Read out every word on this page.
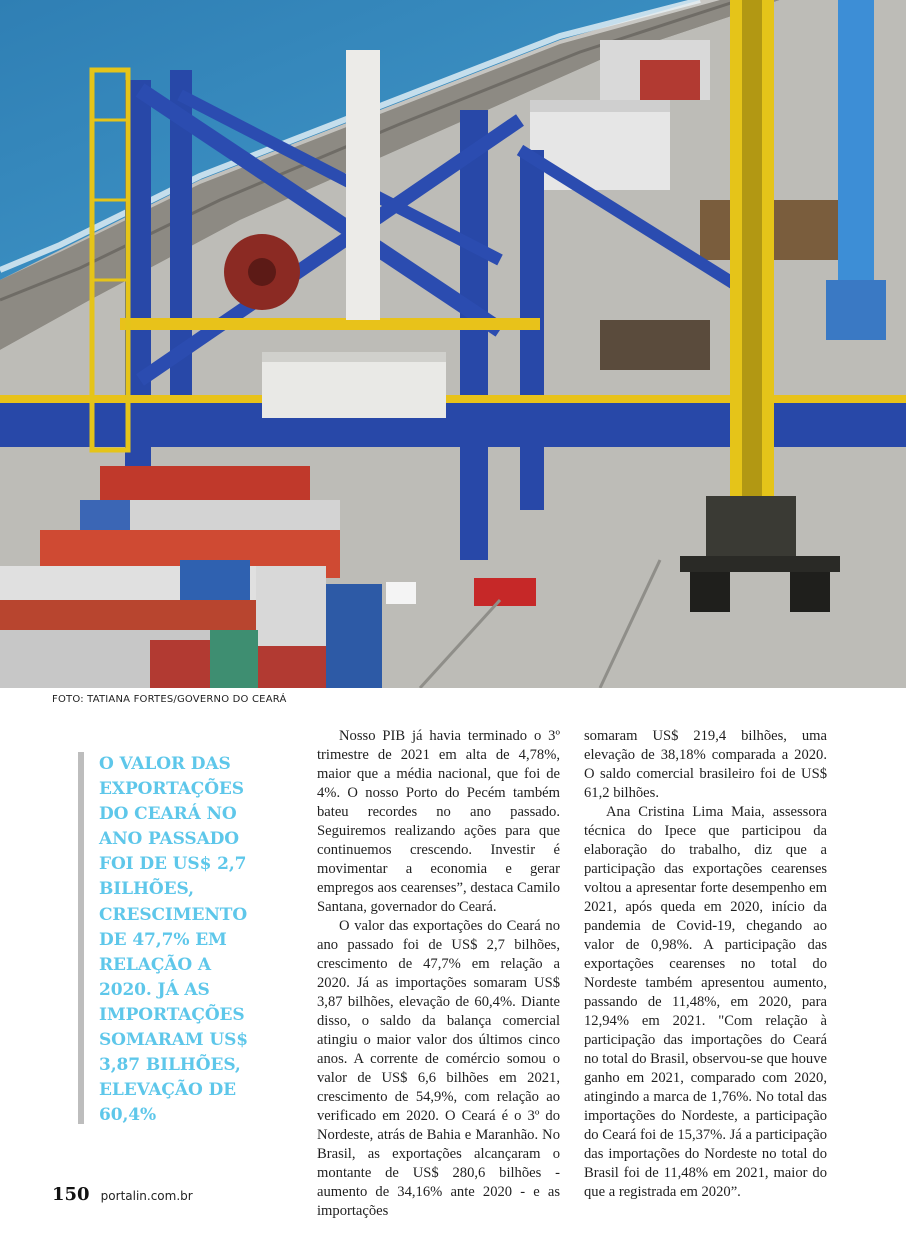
FOTO: TATIANA FORTES/GOVERNO DO CEARÁ

O VALOR DAS EXPORTAÇÕES DO CEARÁ NO ANO PASSADO FOI DE US$ 2,7 BILHÕES, CRESCIMENTO DE 47,7% EM RELAÇÃO A 2020. JÁ AS IMPORTAÇÕES SOMARAM US$ 3,87 BILHÕES, ELEVAÇÃO DE 60,4%

Nosso PIB já havia terminado o 3º trimestre de 2021 em alta de 4,78%, maior que a média nacional, que foi de 4%. O nosso Porto do Pecém também bateu recordes no ano passado. Seguiremos realizando ações para que continuemos crescendo. Investir é movimentar a economia e gerar empregos aos cearenses”, destaca Camilo Santana, governador do Ceará.

O valor das exportações do Ceará no ano passado foi de US$ 2,7 bilhões, crescimento de 47,7% em relação a 2020. Já as importações somaram US$ 3,87 bilhões, elevação de 60,4%. Diante disso, o saldo da balança comercial atingiu o maior valor dos últimos cinco anos. A corrente de comércio somou o valor de US$ 6,6 bilhões em 2021, crescimento de 54,9%, com relação ao verificado em 2020. O Ceará é o 3º do Nordeste, atrás de Bahia e Maranhão. No Brasil, as exportações alcançaram o montante de US$ 280,6 bilhões - aumento de 34,16% ante 2020 - e as importações

somaram US$ 219,4 bilhões, uma elevação de 38,18% comparada a 2020. O saldo comercial brasileiro foi de US$ 61,2 bilhões.

Ana Cristina Lima Maia, assessora técnica do Ipece que participou da elaboração do trabalho, diz que a participação das exportações cearenses voltou a apresentar forte desempenho em 2021, após queda em 2020, início da pandemia de Covid-19, chegando ao valor de 0,98%. A participação das exportações cearenses no total do Nordeste também apresentou aumento, passando de 11,48%, em 2020, para 12,94% em 2021. "Com relação à participação das importações do Ceará no total do Brasil, observou-se que houve ganho em 2021, comparado com 2020, atingindo a marca de 1,76%. No total das importações do Nordeste, a participação do Ceará foi de 15,37%. Já a participação das importações do Nordeste no total do Brasil foi de 11,48% em 2021, maior do que a registrada em 2020”.

150 portalin.com.br
